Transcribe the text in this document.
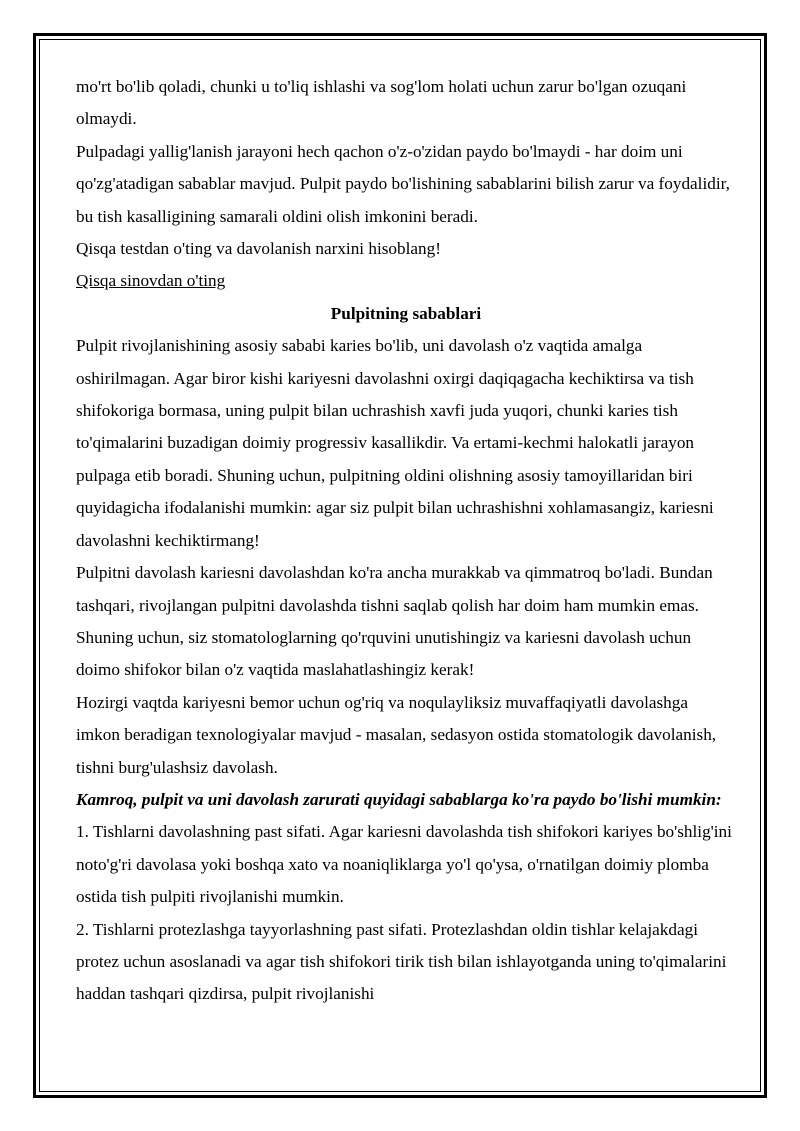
mo'rt bo'lib qoladi, chunki u to'liq ishlashi va sog'lom holati uchun zarur bo'lgan ozuqani olmaydi.

Pulpadagi yallig'lanish jarayoni hech qachon o'z-o'zidan paydo bo'lmaydi - har doim uni qo'zg'atadigan sabablar mavjud. Pulpit paydo bo'lishining sabablarini bilish zarur va foydalidir, bu tish kasalligining samarali oldini olish imkonini beradi.

Qisqa testdan o'ting va davolanish narxini hisoblang!

Qisqa sinovdan o'ting

Pulpitning sabablari

Pulpit rivojlanishining asosiy sababi karies bo'lib, uni davolash o'z vaqtida amalga oshirilmagan. Agar biror kishi kariyesni davolashni oxirgi daqiqagacha kechiktirsa va tish shifokoriga bormasa, uning pulpit bilan uchrashish xavfi juda yuqori, chunki karies tish to'qimalarini buzadigan doimiy progressiv kasallikdir. Va ertami-kechmi halokatli jarayon pulpaga etib boradi. Shuning uchun, pulpitning oldini olishning asosiy tamoyillaridan biri quyidagicha ifodalanishi mumkin: agar siz pulpit bilan uchrashishni xohlamasangiz, kariesni davolashni kechiktirmang!

Pulpitni davolash kariesni davolashdan ko'ra ancha murakkab va qimmatroq bo'ladi. Bundan tashqari, rivojlangan pulpitni davolashda tishni saqlab qolish har doim ham mumkin emas. Shuning uchun, siz stomatologlarning qo'rquvini unutishingiz va kariesni davolash uchun doimo shifokor bilan o'z vaqtida maslahatlashingiz kerak!

Hozirgi vaqtda kariyesni bemor uchun og'riq va noqulayliksiz muvaffaqiyatli davolashga imkon beradigan texnologiyalar mavjud - masalan, sedasyon ostida stomatologik davolanish, tishni burg'ulashsiz davolash.

Kamroq, pulpit va uni davolash zarurati quyidagi sabablarga ko'ra paydo bo'lishi mumkin:

1. Tishlarni davolashning past sifati. Agar kariesni davolashda tish shifokori kariyes bo'shlig'ini noto'g'ri davolasa yoki boshqa xato va noaniqliklarga yo'l qo'ysa, o'rnatilgan doimiy plomba ostida tish pulpiti rivojlanishi mumkin.

2. Tishlarni protezlashga tayyorlashning past sifati. Protezlashdan oldin tishlar kelajakdagi protez uchun asoslanadi va agar tish shifokori tirik tish bilan ishlayotganda uning to'qimalarini haddan tashqari qizdirsa, pulpit rivojlanishi
